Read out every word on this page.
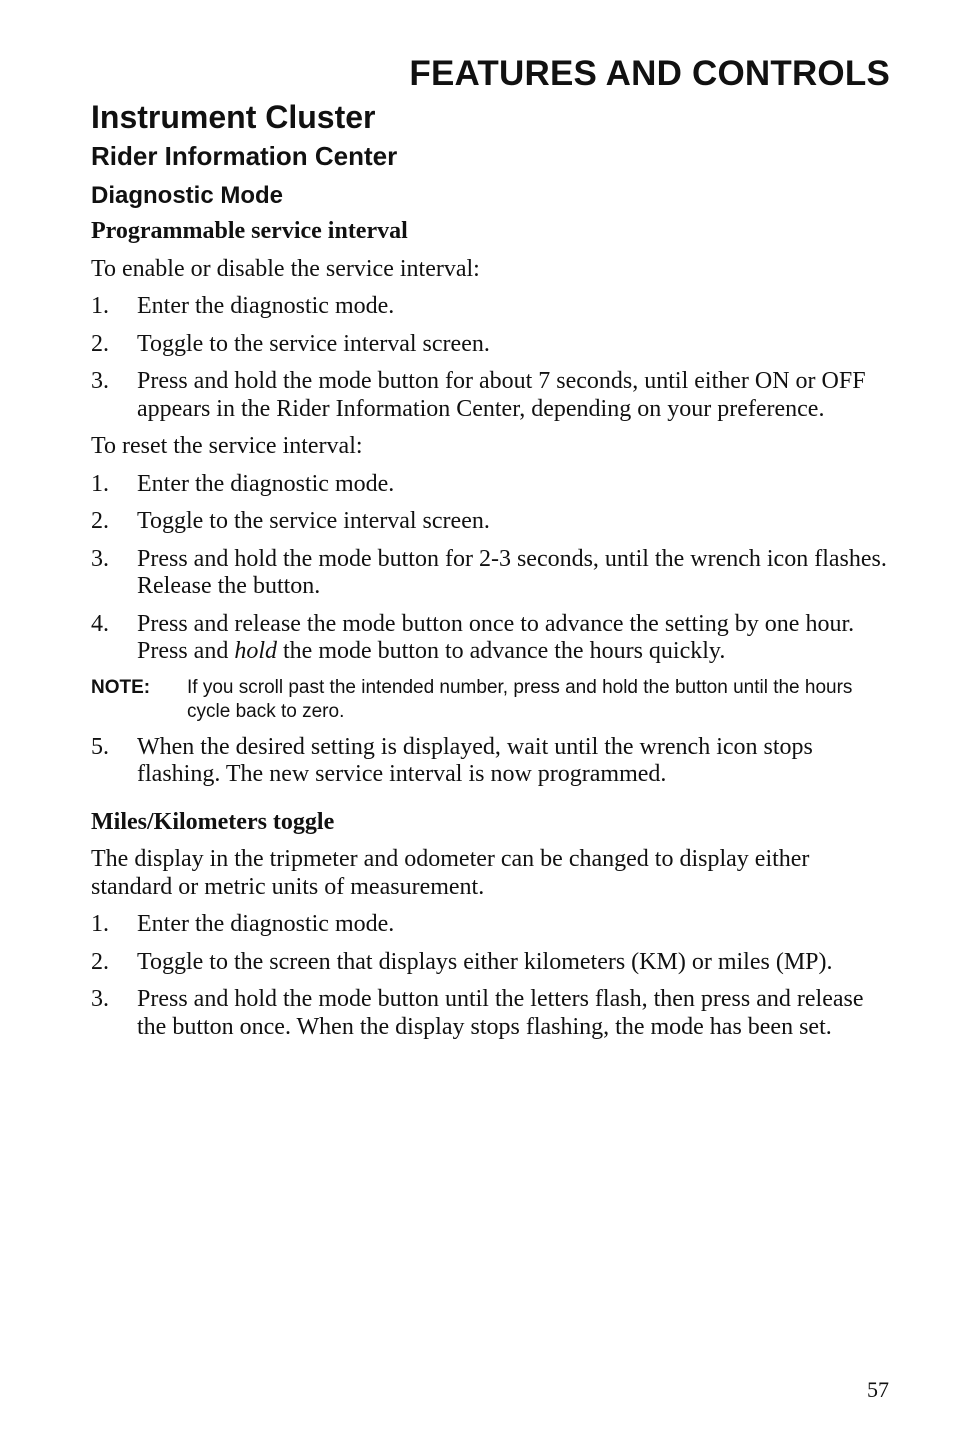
FEATURES AND CONTROLS
Instrument Cluster
Rider Information Center
Diagnostic Mode

Programmable service interval

To enable or disable the service interval:

1. Enter the diagnostic mode.
2. Toggle to the service interval screen.
3. Press and hold the mode button for about 7 seconds, until either ON or OFF appears in the Rider Information Center, depending on your preference.

To reset the service interval:

1. Enter the diagnostic mode.
2. Toggle to the service interval screen.
3. Press and hold the mode button for 2-3 seconds, until the wrench icon flashes. Release the button.
4. Press and release the mode button once to advance the setting by one hour. Press and hold the mode button to advance the hours quickly.
NOTE: If you scroll past the intended number, press and hold the button until the hours cycle back to zero.
5. When the desired setting is displayed, wait until the wrench icon stops flashing. The new service interval is now programmed.

Miles/Kilometers toggle

The display in the tripmeter and odometer can be changed to display either standard or metric units of measurement.

1. Enter the diagnostic mode.
2. Toggle to the screen that displays either kilometers (KM) or miles (MP).
3. Press and hold the mode button until the letters flash, then press and release the button once. When the display stops flashing, the mode has been set.
57
